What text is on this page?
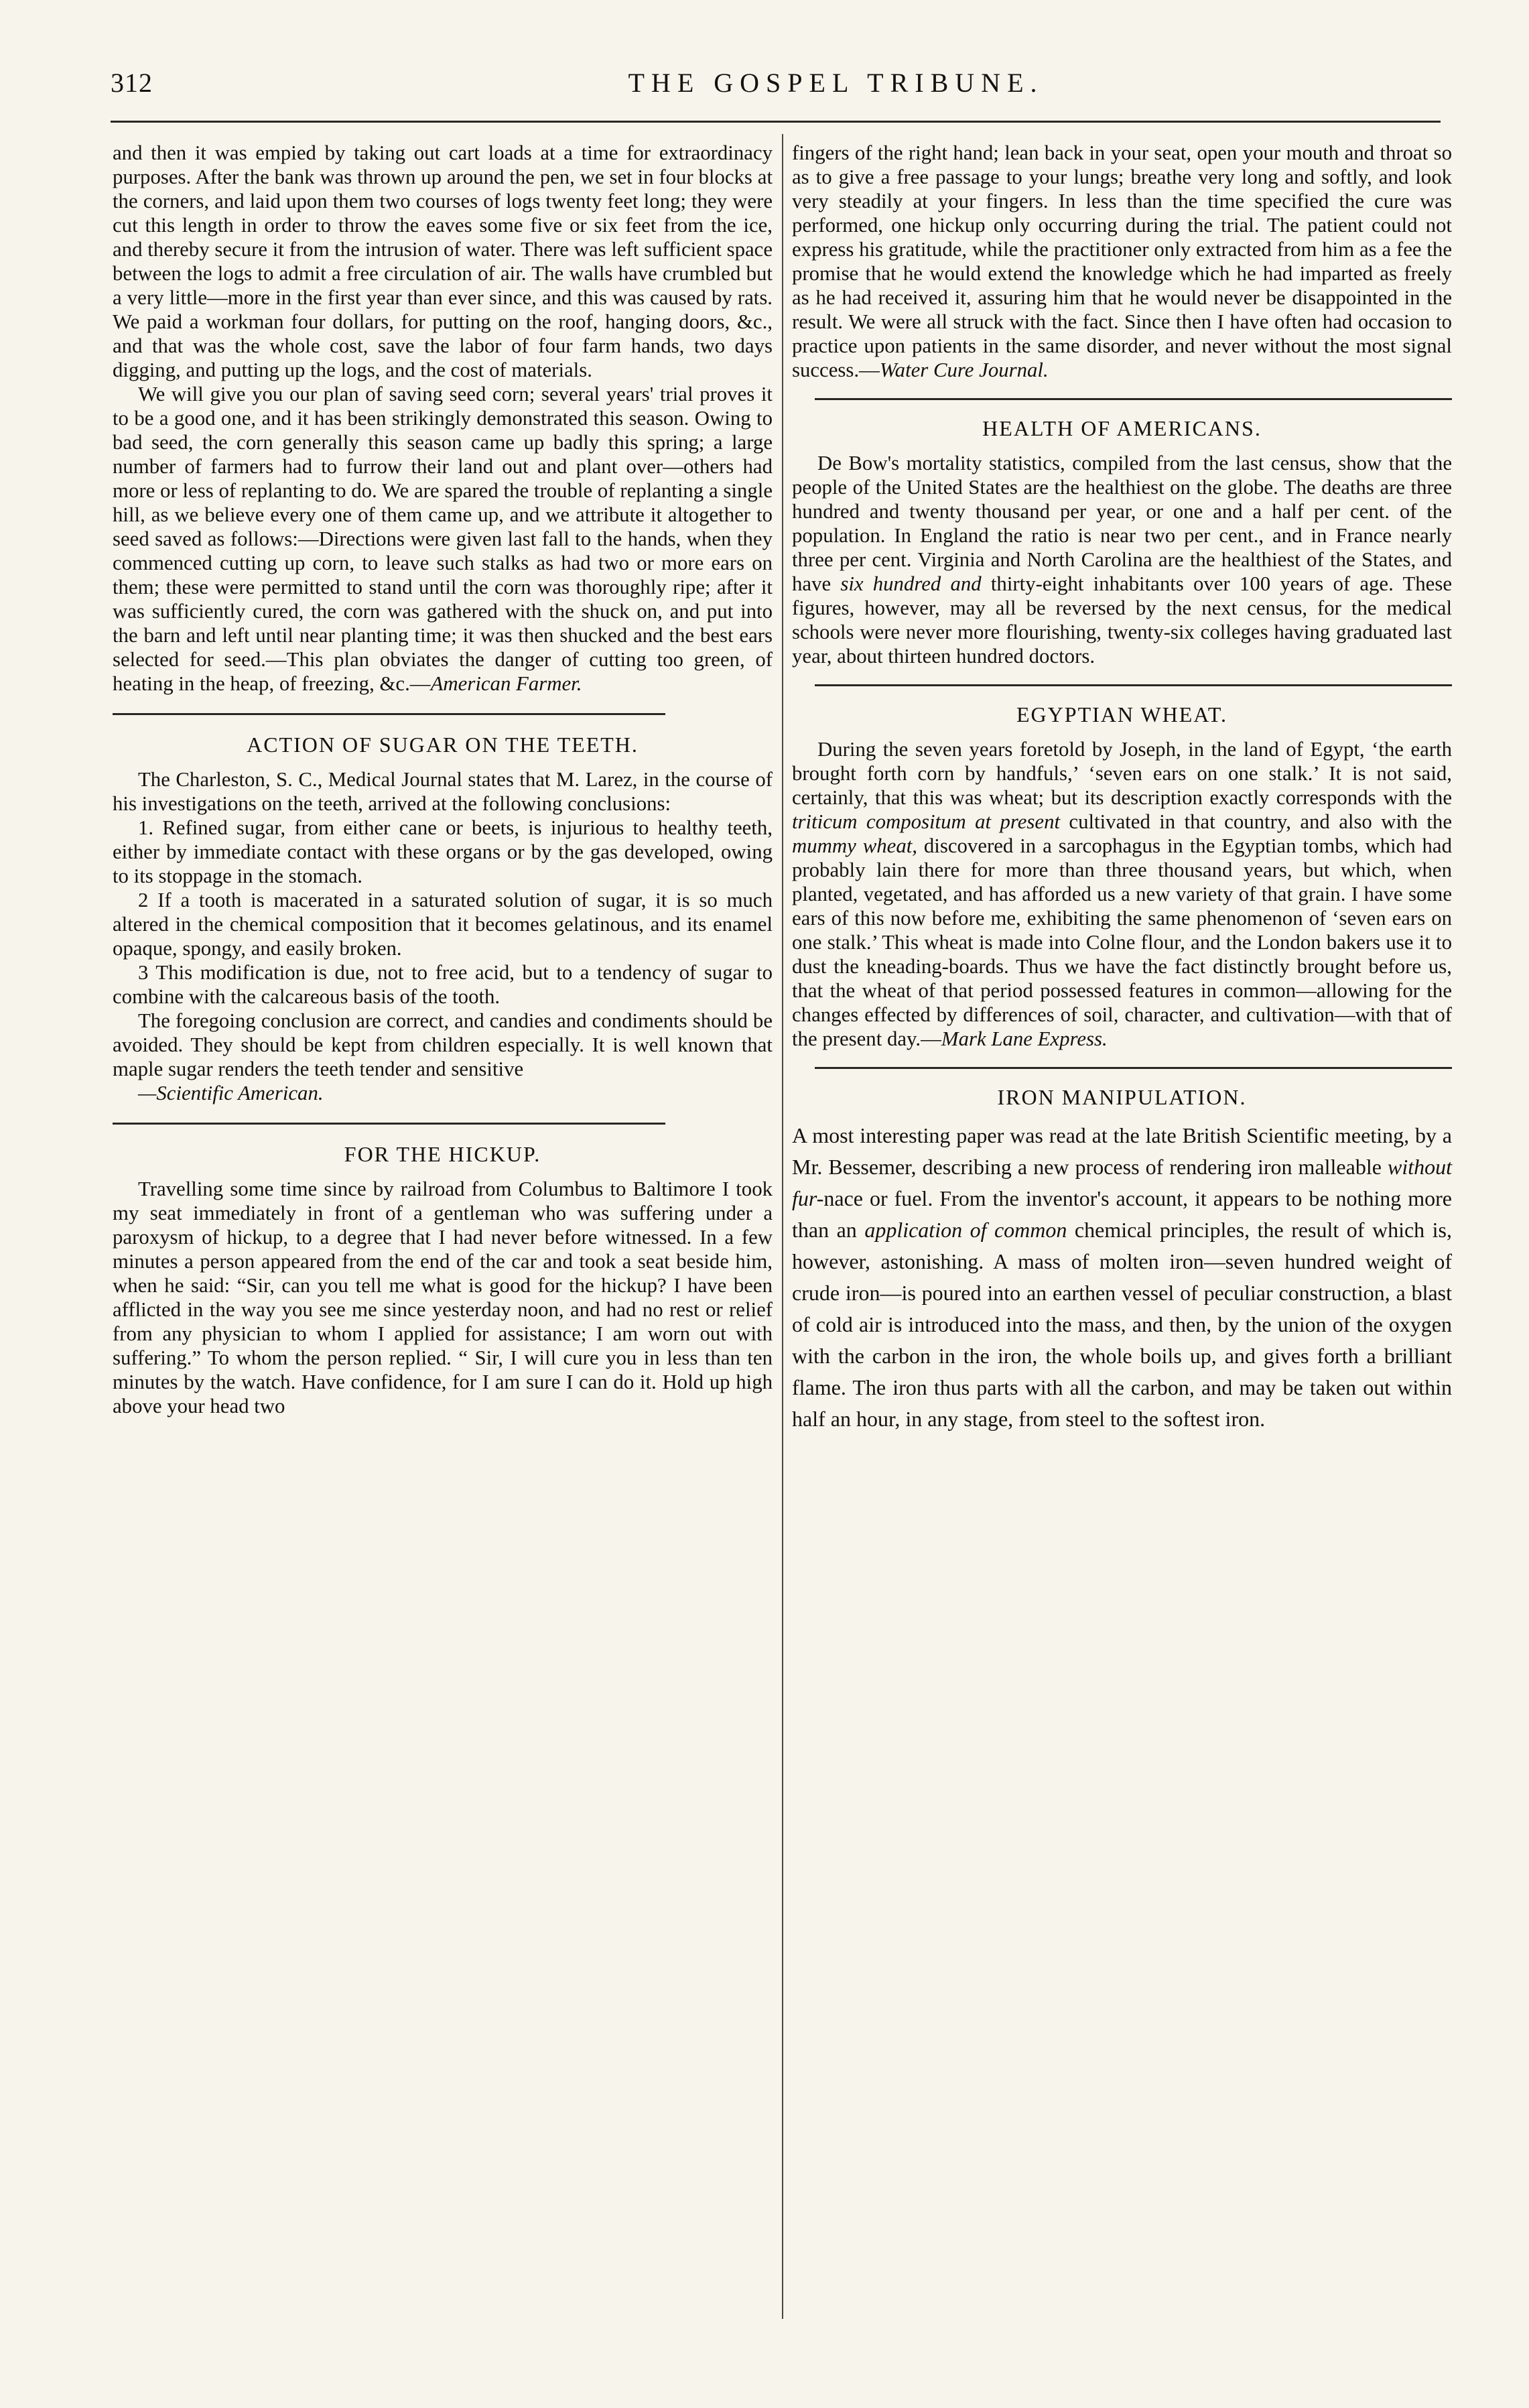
312	THE GOSPEL TRIBUNE.

and then it was empied by taking out cart loads at a time for extraordinacy purposes. After the bank was thrown up around the pen, we set in four blocks at the corners, and laid upon them two courses of logs twenty feet long; they were cut this length in order to throw the eaves some five or six feet from the ice, and thereby secure it from the intrusion of water. There was left sufficient space between the logs to admit a free circulation of air. The walls have crumbled but a very little—more in the first year than ever since, and this was caused by rats. We paid a workman four dollars, for putting on the roof, hanging doors, &c., and that was the whole cost, save the labor of four farm hands, two days digging, and putting up the logs, and the cost of materials.

We will give you our plan of saving seed corn; several years' trial proves it to be a good one, and it has been strikingly demonstrated this season. Owing to bad seed, the corn generally this season came up badly this spring; a large number of farmers had to furrow their land out and plant over—others had more or less of replanting to do. We are spared the trouble of replanting a single hill, as we believe every one of them came up, and we attribute it altogether to seed saved as follows:—Directions were given last fall to the hands, when they commenced cutting up corn, to leave such stalks as had two or more ears on them; these were permitted to stand until the corn was thoroughly ripe; after it was sufficiently cured, the corn was gathered with the shuck on, and put into the barn and left until near planting time; it was then shucked and the best ears selected for seed.—This plan obviates the danger of cutting too green, of heating in the heap, of freezing, &c.—American Farmer.

ACTION OF SUGAR ON THE TEETH.

The Charleston, S. C., Medical Journal states that M. Larez, in the course of his investigations on the teeth, arrived at the following conclusions:

1. Refined sugar, from either cane or beets, is injurious to healthy teeth, either by immediate contact with these organs or by the gas developed, owing to its stoppage in the stomach.

2 If a tooth is macerated in a saturated solution of sugar, it is so much altered in the chemical composition that it becomes gelatinous, and its enamel opaque, spongy, and easily broken.

3 This modification is due, not to free acid, but to a tendency of sugar to combine with the calcareous basis of the tooth.

The foregoing conclusion are correct, and candies and condiments should be avoided. They should be kept from children especially. It is well known that maple sugar renders the teeth tender and sensitive

—Scientific American.

FOR THE HICKUP.

Travelling some time since by railroad from Columbus to Baltimore I took my seat immediately in front of a gentleman who was suffering under a paroxysm of hickup, to a degree that I had never before witnessed. In a few minutes a person appeared from the end of the car and took a seat beside him, when he said: “Sir, can you tell me what is good for the hickup? I have been afflicted in the way you see me since yesterday noon, and had no rest or relief from any physician to whom I applied for assistance; I am worn out with suffering.” To whom the person replied. “ Sir, I will cure you in less than ten minutes by the watch. Have confidence, for I am sure I can do it. Hold up high above your head two

fingers of the right hand; lean back in your seat, open your mouth and throat so as to give a free passage to your lungs; breathe very long and softly, and look very steadily at your fingers. In less than the time specified the cure was performed, one hickup only occurring during the trial. The patient could not express his gratitude, while the practitioner only extracted from him as a fee the promise that he would extend the knowledge which he had imparted as freely as he had received it, assuring him that he would never be disappointed in the result. We were all struck with the fact. Since then I have often had occasion to practice upon patients in the same disorder, and never without the most signal success.—Water Cure Journal.

HEALTH OF AMERICANS.

De Bow's mortality statistics, compiled from the last census, show that the people of the United States are the healthiest on the globe. The deaths are three hundred and twenty thousand per year, or one and a half per cent. of the population. In England the ratio is near two per cent., and in France nearly three per cent. Virginia and North Carolina are the healthiest of the States, and have six hundred and thirty-eight inhabitants over 100 years of age. These figures, however, may all be reversed by the next census, for the medical schools were never more flourishing, twenty-six colleges having graduated last year, about thirteen hundred doctors.

EGYPTIAN WHEAT.

During the seven years foretold by Joseph, in the land of Egypt, ‘the earth brought forth corn by handfuls,’ ‘seven ears on one stalk.’ It is not said, certainly, that this was wheat; but its description exactly corresponds with the triticum compositum at present cultivated in that country, and also with the mummy wheat, discovered in a sarcophagus in the Egyptian tombs, which had probably lain there for more than three thousand years, but which, when planted, vegetated, and has afforded us a new variety of that grain. I have some ears of this now before me, exhibiting the same phenomenon of ‘seven ears on one stalk.’ This wheat is made into Colne flour, and the London bakers use it to dust the kneading-boards. Thus we have the fact distinctly brought before us, that the wheat of that period possessed features in common—allowing for the changes effected by differences of soil, character, and cultivation—with that of the present day.—Mark Lane Express.

IRON MANIPULATION.

A most interesting paper was read at the late British Scientific meeting, by a Mr. Bessemer, describing a new process of rendering iron malleable without fur-nace or fuel. From the inventor's account, it appears to be nothing more than an application of common chemical principles, the result of which is, however, astonishing. A mass of molten iron—seven hundred weight of crude iron—is poured into an earthen vessel of peculiar construction, a blast of cold air is introduced into the mass, and then, by the union of the oxygen with the carbon in the iron, the whole boils up, and gives forth a brilliant flame. The iron thus parts with all the carbon, and may be taken out within half an hour, in any stage, from steel to the softest iron.
